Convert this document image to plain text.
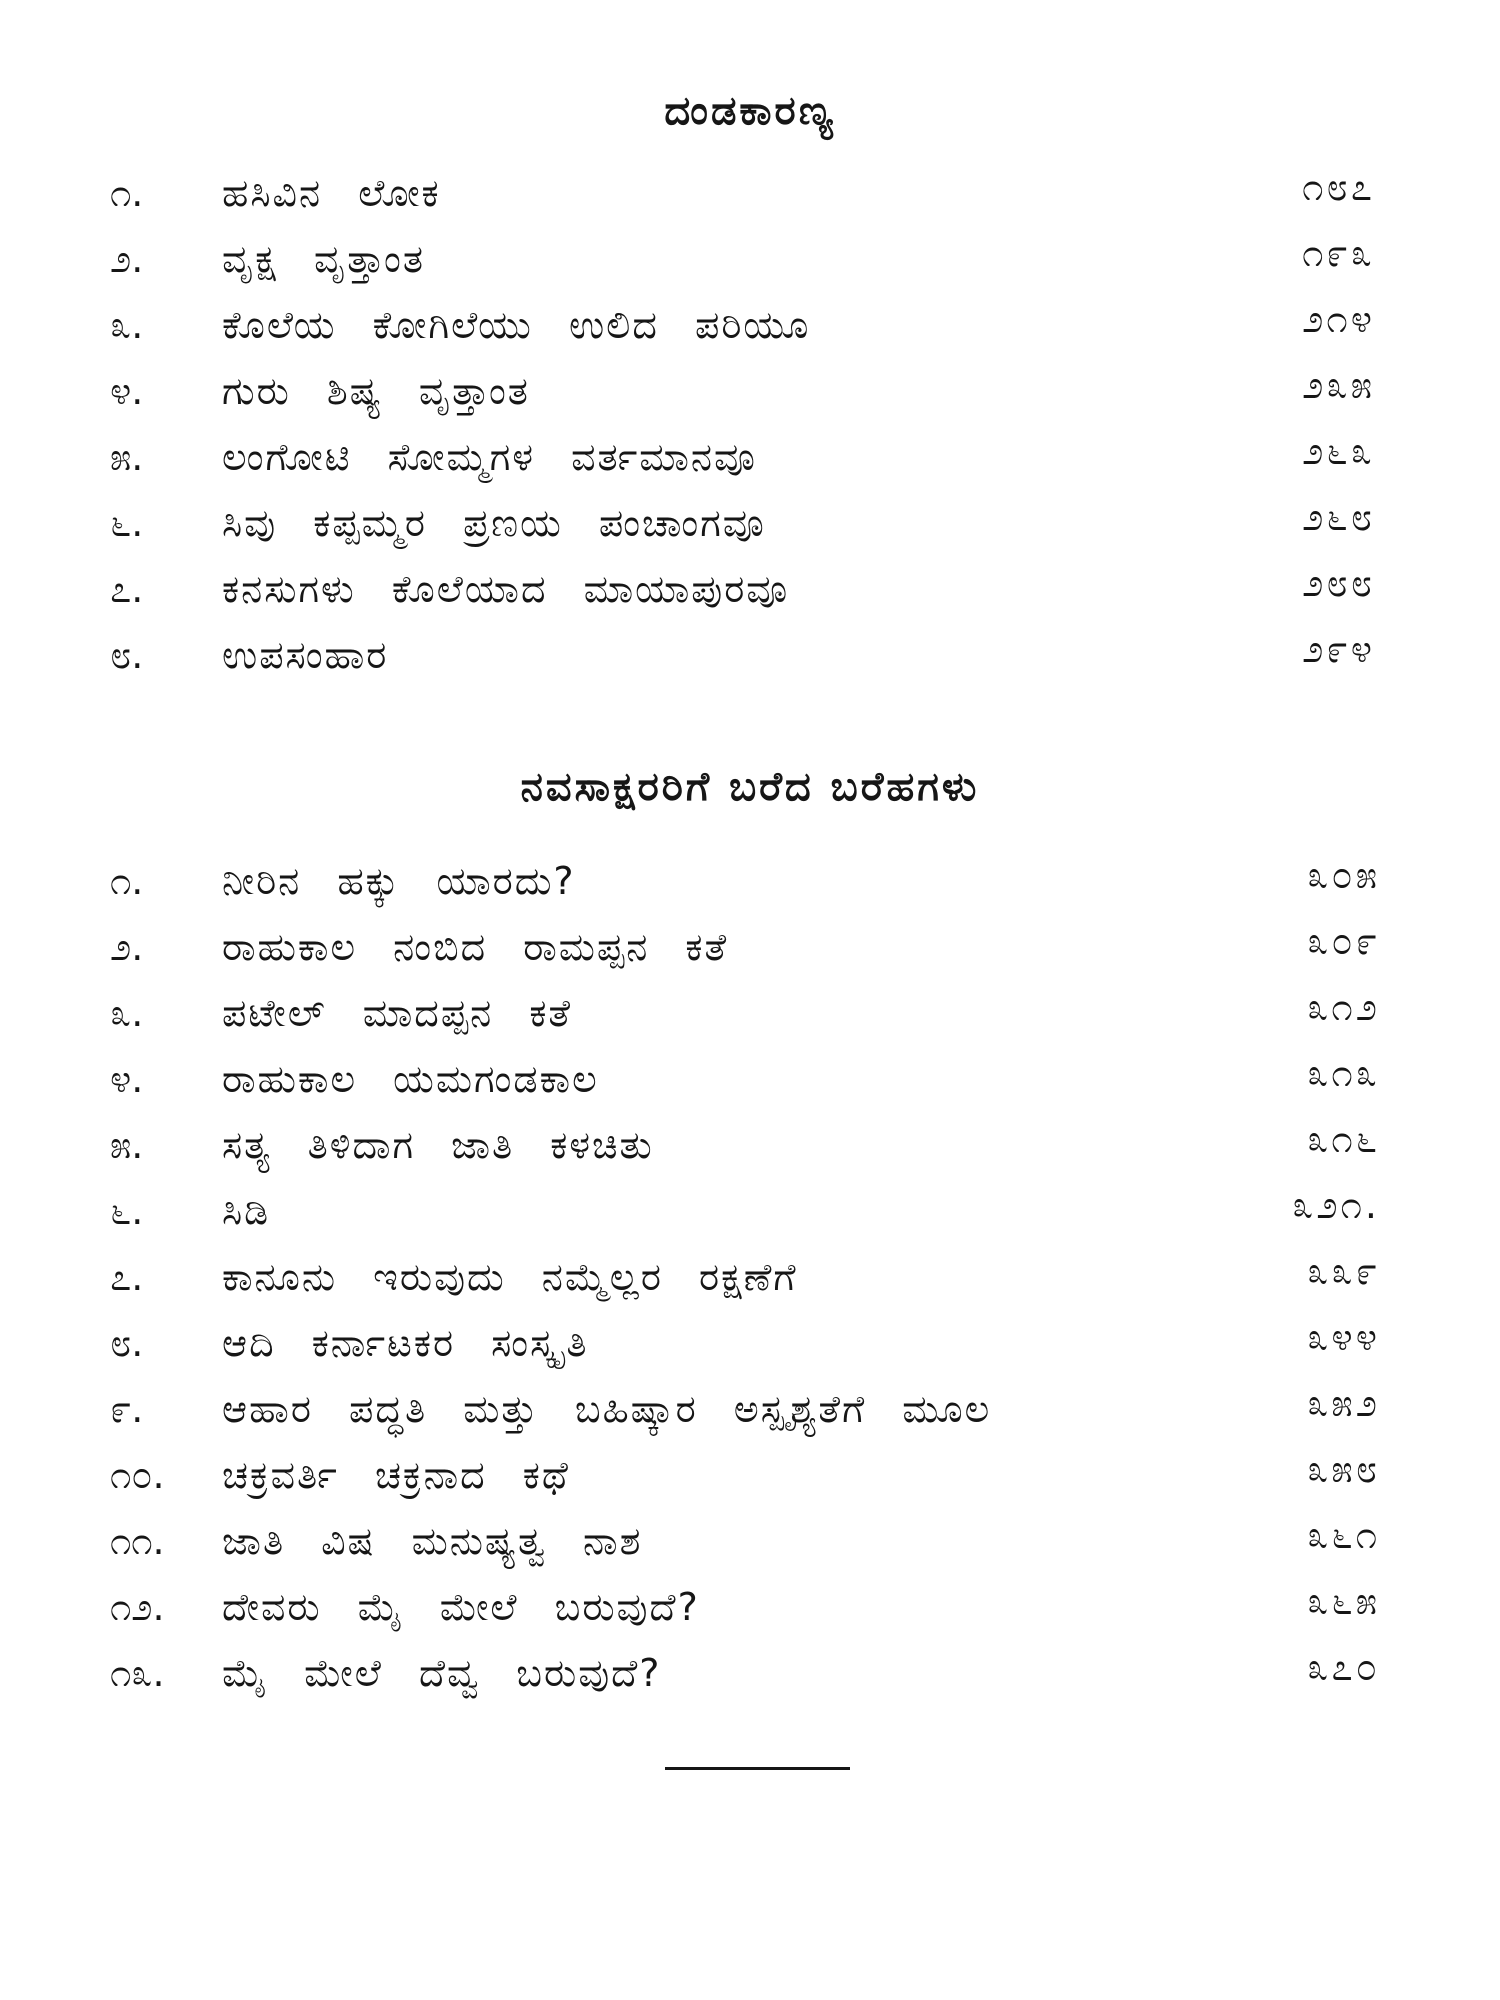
ದಂಡಕಾರಣ್ಯ
೧. ಹಸಿವಿನ ಲೋಕ	೧೮೭
೨. ವೃಕ್ಷ ವೃತ್ತಾಂತ	೧೯೩
೩. ಕೊಲೆಯ ಕೋಗಿಲೆಯು ಉಲಿದ ಪರಿಯೂ	೨೧೪
೪. ಗುರು ಶಿಷ್ಯ ವೃತ್ತಾಂತ	೨೩೫
೫. ಲಂಗೋಟಿ ಸೋಮ್ಮಗಳ ವರ್ತಮಾನವೂ	೨೬೩
೬. ಸಿವು ಕಪ್ಪಮ್ಮರ ಪ್ರಣಯ ಪಂಚಾಂಗವೂ	೨೬೮
೭. ಕನಸುಗಳು ಕೊಲೆಯಾದ ಮಾಯಾಪುರವೂ	೨೮೮
೮. ಉಪಸಂಹಾರ	೨೯೪
ನವಸಾಕ್ಷರರಿಗೆ ಬರೆದ ಬರೆಹಗಳು
೧. ನೀರಿನ ಹಕ್ಕು ಯಾರದು?	೩೦೫
೨. ರಾಹುಕಾಲ ನಂಬಿದ ರಾಮಪ್ಪನ ಕತೆ	೩೦೯
೩. ಪಟೇಲ್ ಮಾದಪ್ಪನ ಕತೆ	೩೧೨
೪. ರಾಹುಕಾಲ ಯಮಗಂಡಕಾಲ	೩೧೩
೫. ಸತ್ಯ ತಿಳಿದಾಗ ಜಾತಿ ಕಳಚಿತು	೩೧೬
೬. ಸಿಡಿ	೩೨೧.
೭. ಕಾನೂನು ಇರುವುದು ನಮ್ಮೆಲ್ಲರ ರಕ್ಷಣೆಗೆ	೩೩೯
೮. ಆದಿ ಕರ್ನಾಟಕರ ಸಂಸ್ಕೃತಿ	೩೪೪
೯. ಆಹಾರ ಪದ್ಧತಿ ಮತ್ತು ಬಹಿಷ್ಕಾರ ಅಸ್ಪೃಶ್ಯತೆಗೆ ಮೂಲ	೩೫೨
೧೦. ಚಕ್ರವರ್ತಿ ಚಕ್ರನಾದ ಕಥೆ	೩೫೮
೧೧. ಜಾತಿ ವಿಷ ಮನುಷ್ಯತ್ವ ನಾಶ	೩೬೧
೧೨. ದೇವರು ಮೈ ಮೇಲೆ ಬರುವುದೆ?	೩೬೫
೧೩. ಮೈ ಮೇಲೆ ದೆವ್ವ ಬರುವುದೆ?	೩೭೦
